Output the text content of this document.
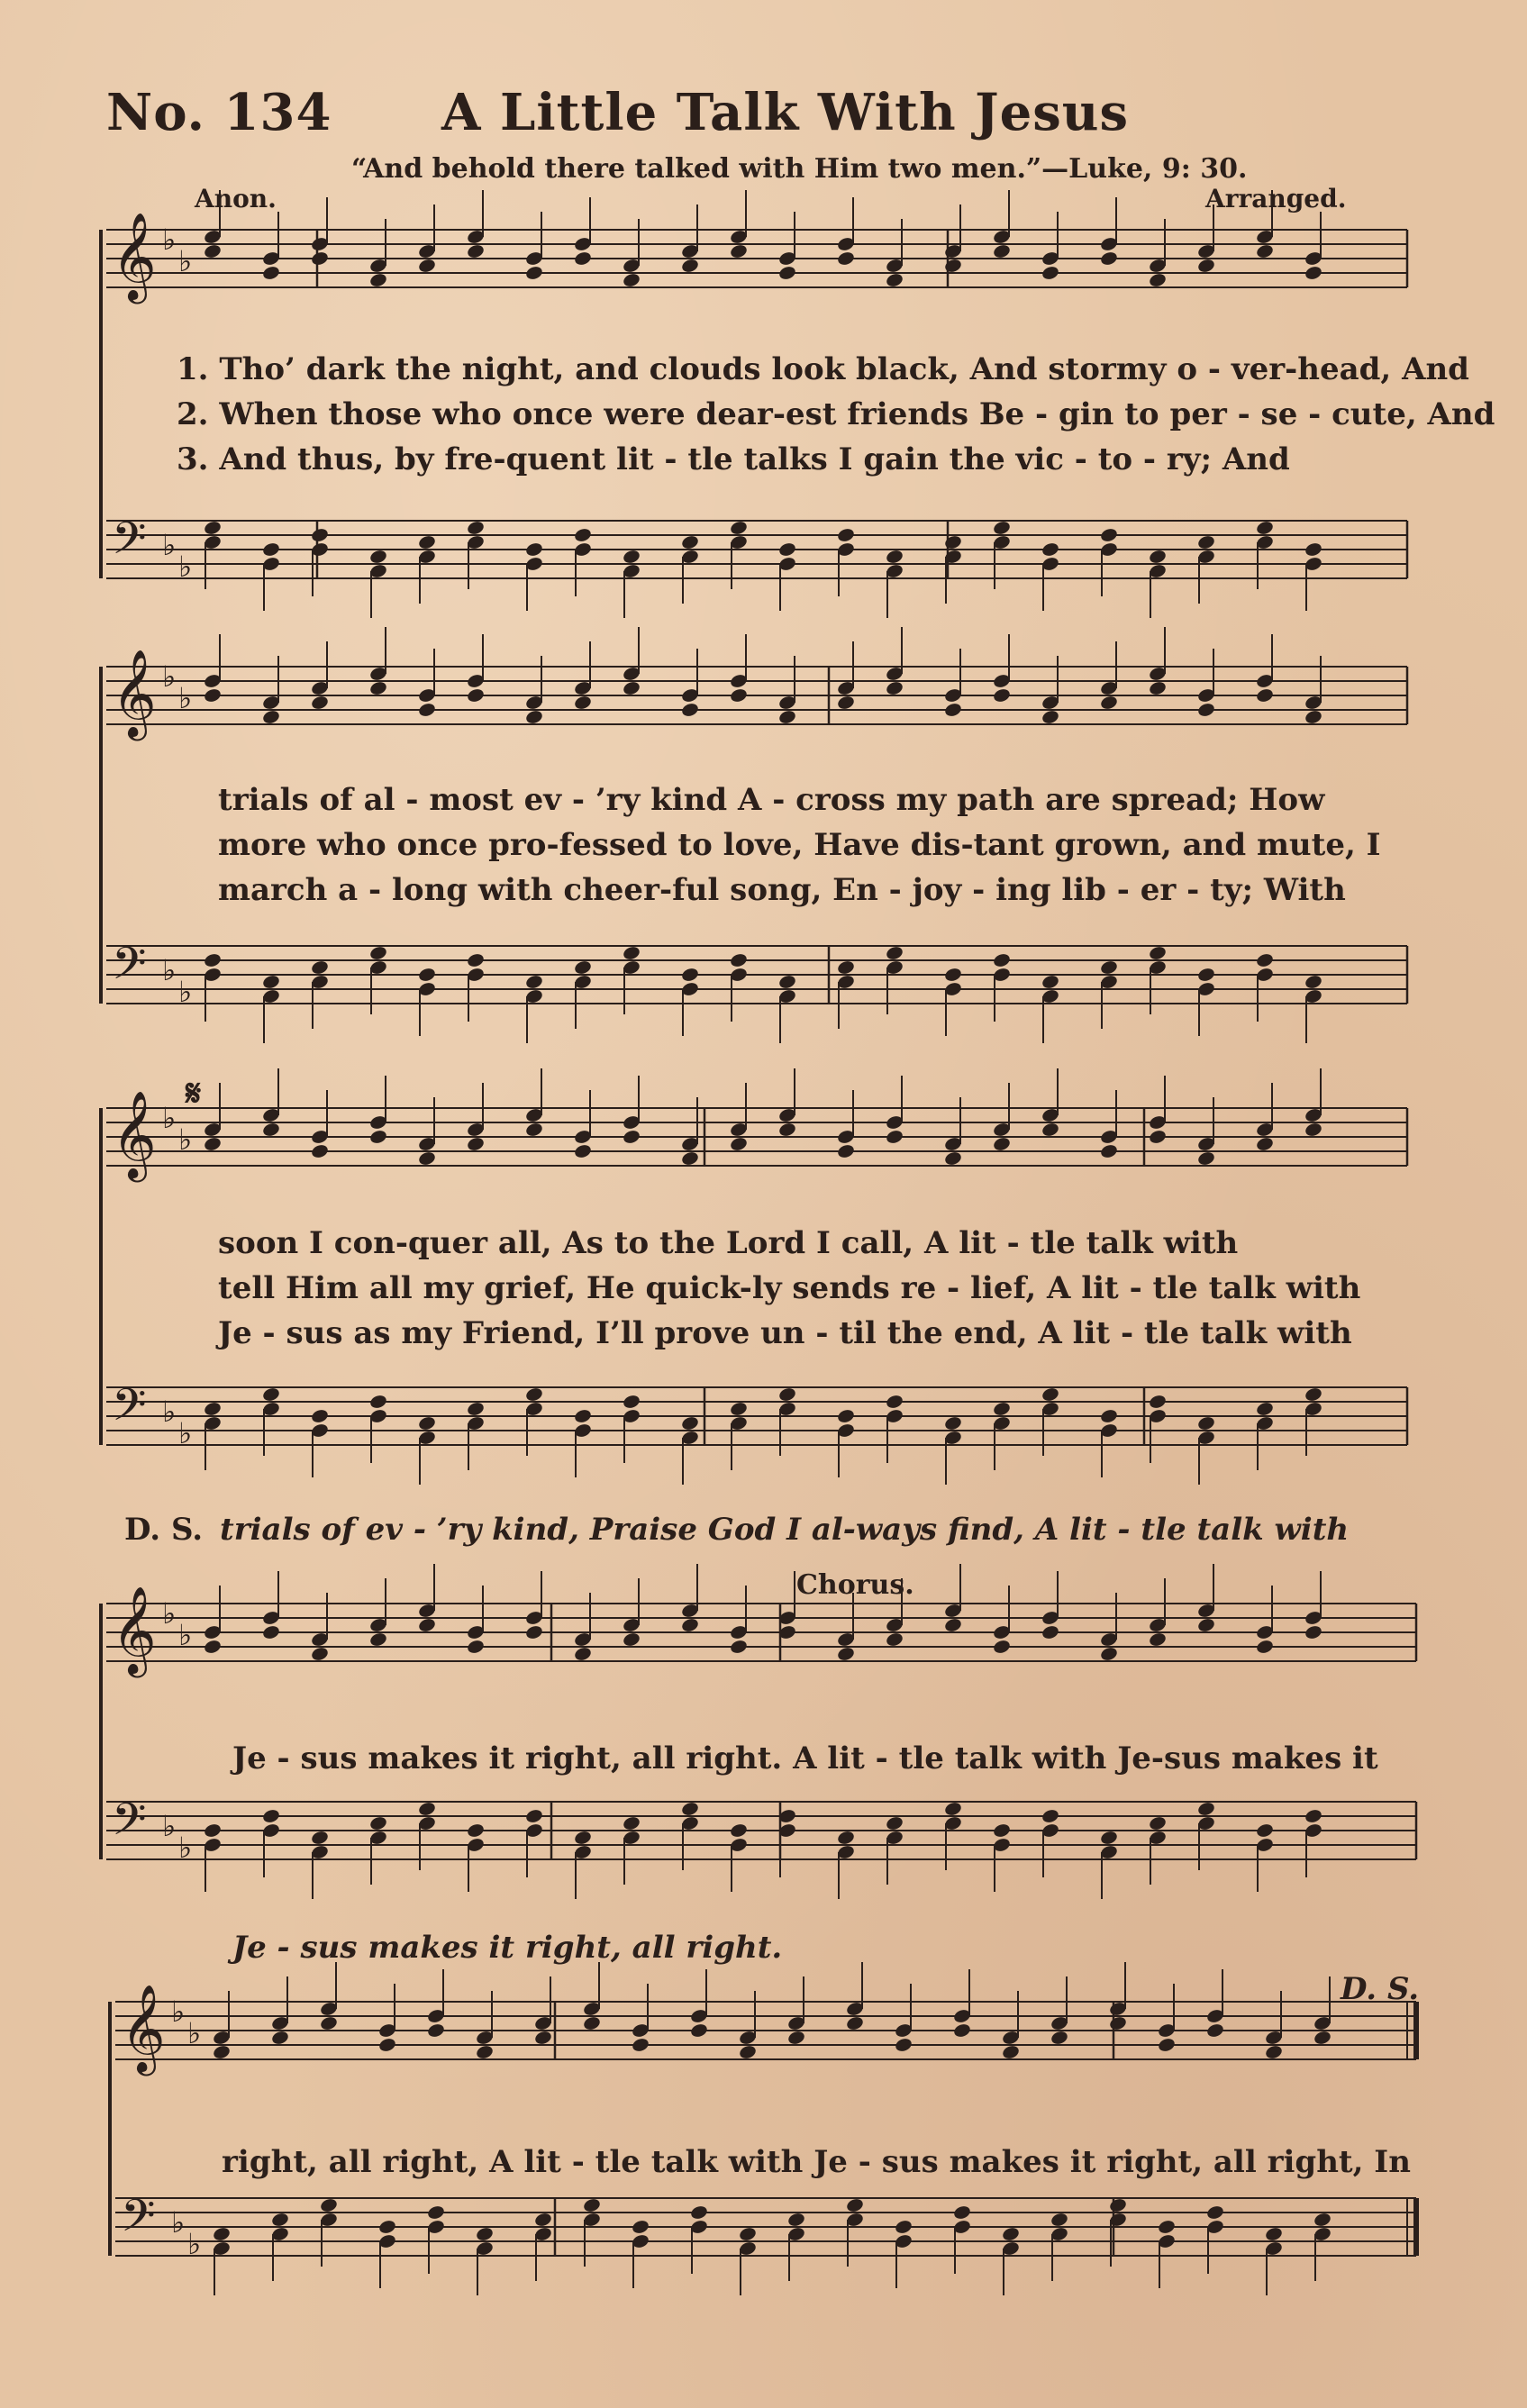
No. 134 A Little Talk With Jesus
“And behold there talked with Him two men.”—Luke, 9: 30.
Anon.	Arranged.
𝄞 ♭
♭
𝄢 ♭
♭
𝄞 ♭
♭
𝄢 ♭
♭
𝄞 ♭
♭
𝄢 ♭
♭
𝄞 ♭
♭
𝄢 ♭
♭
𝄞 ♭
♭
𝄢 ♭
♭
1. Tho’ dark the night, and clouds look black, And stormy o - ver-head, And
2. When those who once were dear-est friends Be - gin to per - se - cute, And
3. And thus, by fre-quent lit - tle talks I gain the vic - to - ry; And
trials of al - most ev - ’ry kind A - cross my path are spread; How
more who once pro-fessed to love, Have dis-tant grown, and mute, I
march a - long with cheer-ful song, En - joy - ing lib - er - ty; With
𝄋
soon I con-quer all, As to the Lord I call, A lit - tle talk with
tell Him all my grief, He quick-ly sends re - lief, A lit - tle talk with
Je - sus as my Friend, I’ll prove un - til the end, A lit - tle talk with
D. S. trials of ev - ’ry kind, Praise God I al-ways find, A lit - tle talk with
Chorus.
Je - sus makes it right, all right. A lit - tle talk with Je-sus makes it
Je - sus makes it right, all right.
D. S.
right, all right, A lit - tle talk with Je - sus makes it right, all right, In
